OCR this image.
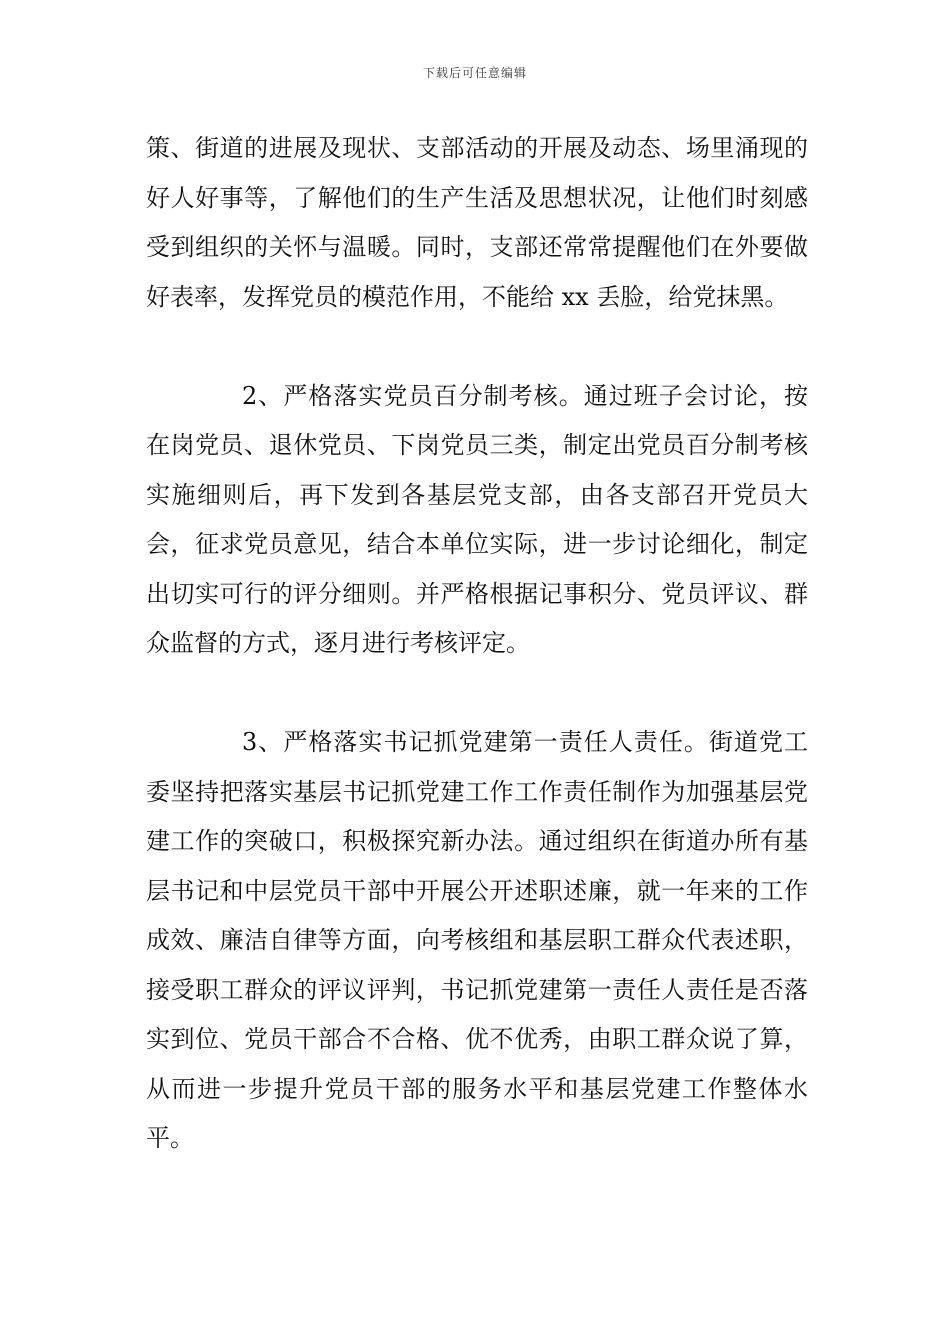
下载后可任意编辑

策、街道的进展及现状、支部活动的开展及动态、场里涌现的好人好事等，了解他们的生产生活及思想状况，让他们时刻感受到组织的关怀与温暖。同时，支部还常常提醒他们在外要做好表率，发挥党员的模范作用，不能给 xx 丢脸，给党抹黑。

2、严格落实党员百分制考核。通过班子会讨论，按在岗党员、退休党员、下岗党员三类，制定出党员百分制考核实施细则后，再下发到各基层党支部，由各支部召开党员大会，征求党员意见，结合本单位实际，进一步讨论细化，制定出切实可行的评分细则。并严格根据记事积分、党员评议、群众监督的方式，逐月进行考核评定。

3、严格落实书记抓党建第一责任人责任。街道党工委坚持把落实基层书记抓党建工作工作责任制作为加强基层党建工作的突破口，积极探究新办法。通过组织在街道办所有基层书记和中层党员干部中开展公开述职述廉，就一年来的工作成效、廉洁自律等方面，向考核组和基层职工群众代表述职，接受职工群众的评议评判，书记抓党建第一责任人责任是否落实到位、党员干部合不合格、优不优秀，由职工群众说了算，从而进一步提升党员干部的服务水平和基层党建工作整体水平。
